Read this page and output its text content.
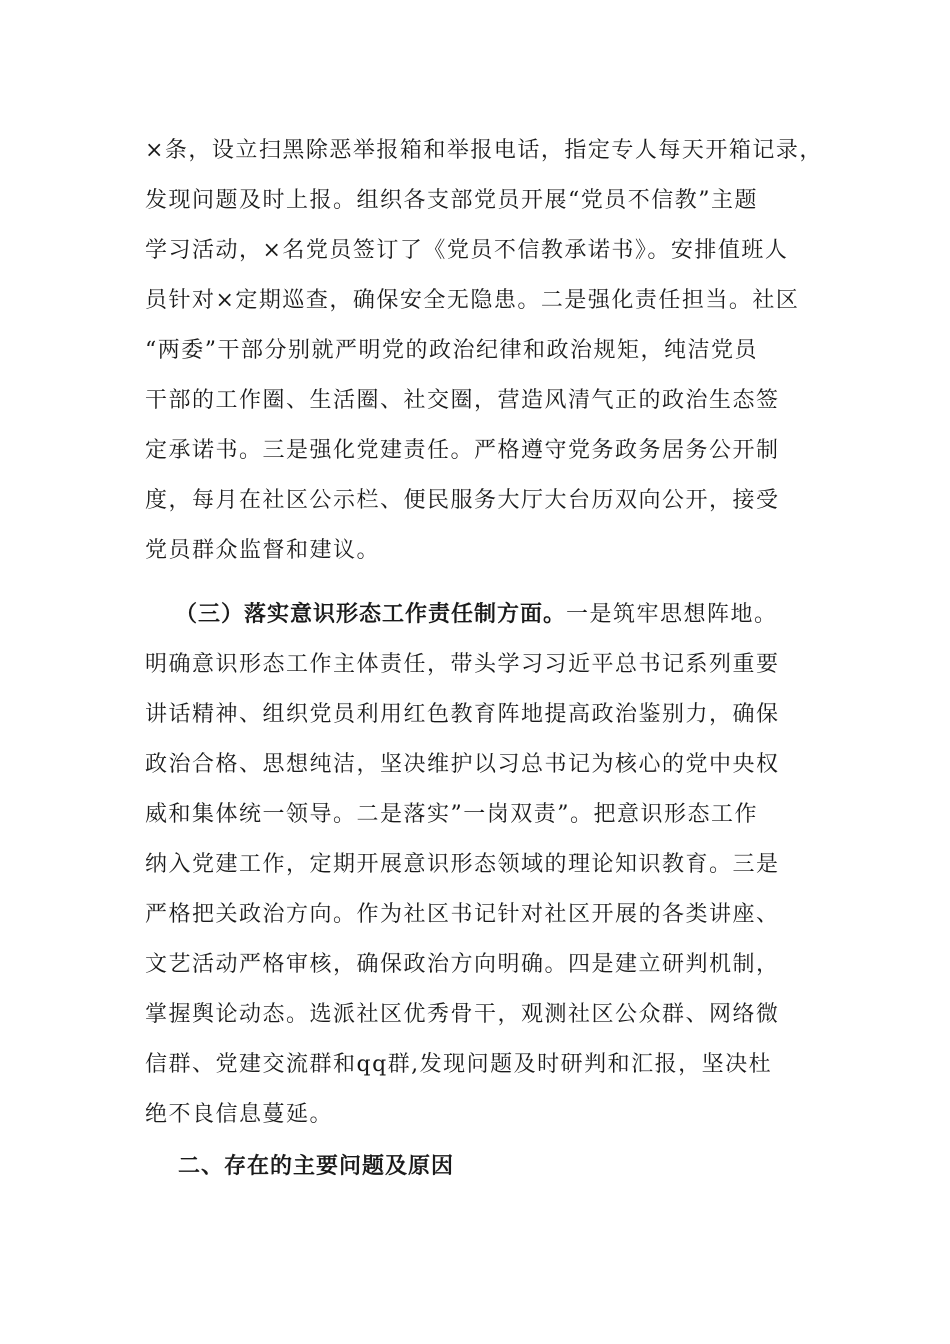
×条，设立扫黑除恶举报箱和举报电话，指定专人每天开箱记录，
发现问题及时上报。组织各支部党员开展“党员不信教”主题
学习活动，×名党员签订了《党员不信教承诺书》。安排值班人
员针对×定期巡查，确保安全无隐患。二是强化责任担当。社区
“两委”干部分别就严明党的政治纪律和政治规矩，纯洁党员
干部的工作圈、生活圈、社交圈，营造风清气正的政治生态签
定承诺书。三是强化党建责任。严格遵守党务政务居务公开制
度，每月在社区公示栏、便民服务大厅大台历双向公开，接受
党员群众监督和建议。
（三）落实意识形态工作责任制方面。一是筑牢思想阵地。
明确意识形态工作主体责任，带头学习习近平总书记系列重要
讲话精神、组织党员利用红色教育阵地提高政治鉴别力，确保
政治合格、思想纯洁，坚决维护以习总书记为核心的党中央权
威和集体统一领导。二是落实”一岗双责”。把意识形态工作
纳入党建工作，定期开展意识形态领域的理论知识教育。三是
严格把关政治方向。作为社区书记针对社区开展的各类讲座、
文艺活动严格审核，确保政治方向明确。四是建立研判机制，
掌握舆论动态。选派社区优秀骨干，观测社区公众群、网络微
信群、党建交流群和qq群,发现问题及时研判和汇报，坚决杜
绝不良信息蔓延。
二、存在的主要问题及原因
